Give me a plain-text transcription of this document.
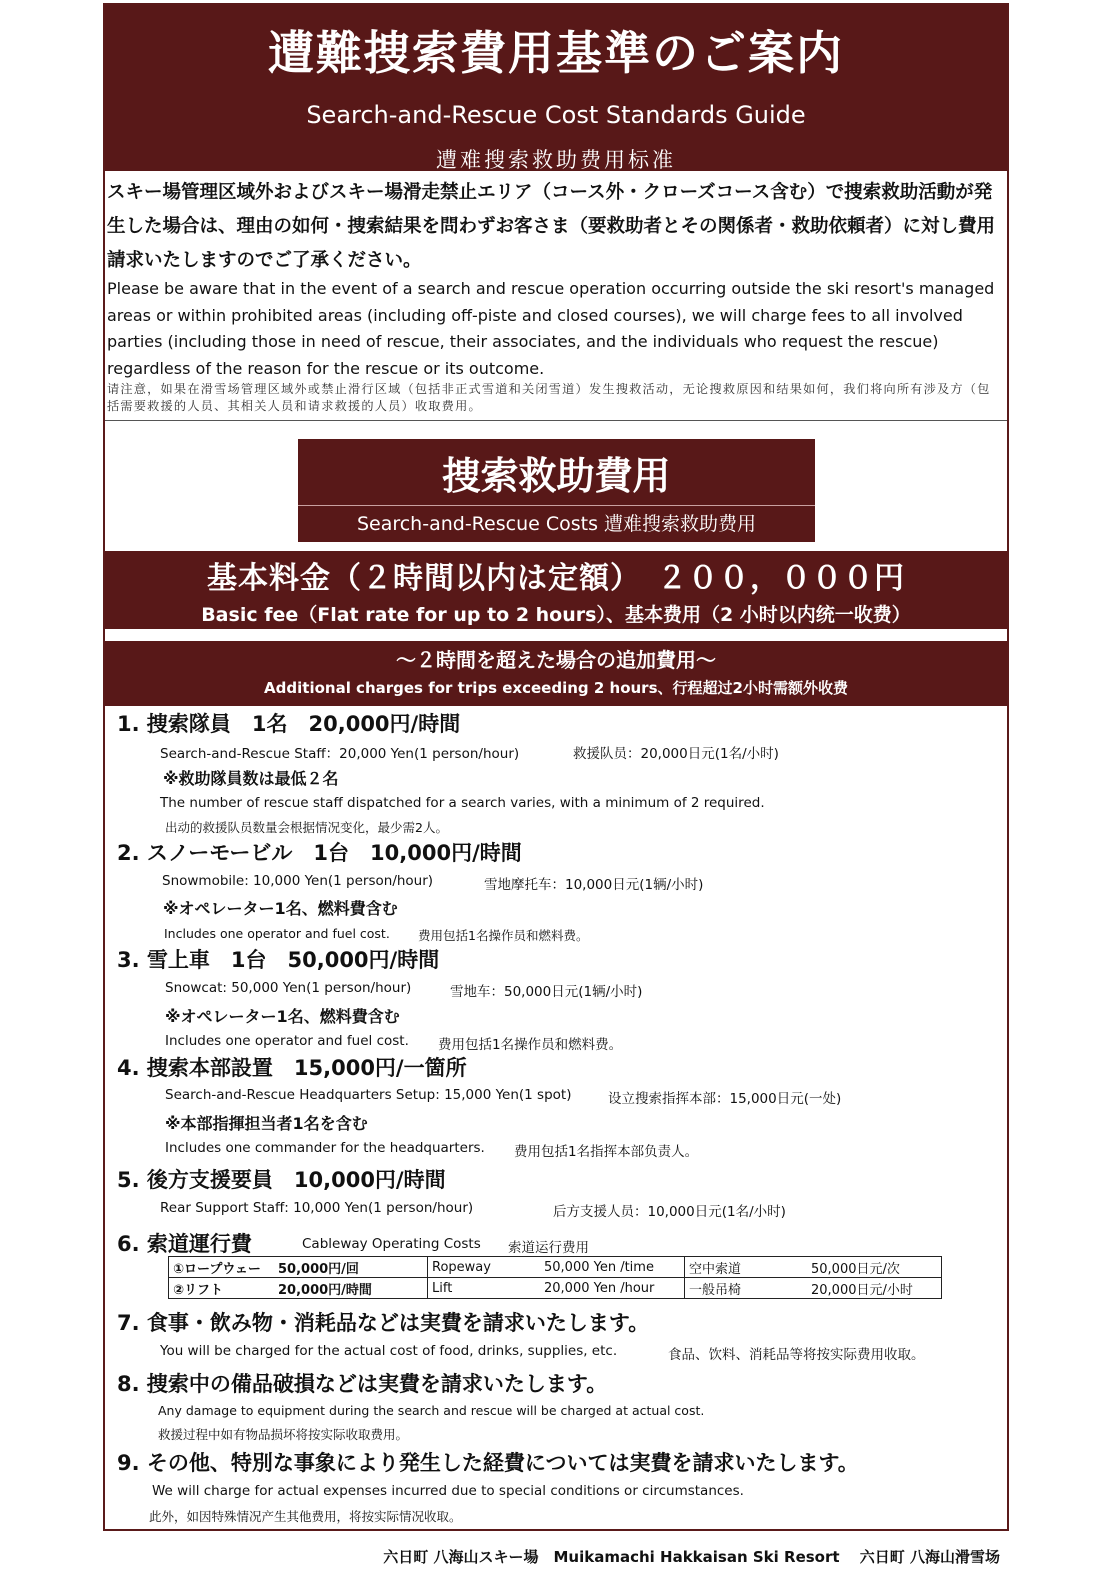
遭難捜索費用基準のご案内
Search-and-Rescue Cost Standards Guide
遭难搜索救助费用标准
スキー場管理区域外およびスキー場滑走禁止エリア（コース外・クローズコース含む）で捜索救助活動が発生した場合は、理由の如何・捜索結果を問わずお客さま（要救助者とその関係者・救助依頼者）に対し費用請求いたしますのでご了承ください。
Please be aware that in the event of a search and rescue operation occurring outside the ski resort's managed areas or within prohibited areas (including off-piste and closed courses), we will charge fees to all involved parties (including those in need of rescue, their associates, and the individuals who request the rescue) regardless of the reason for the rescue or its outcome.
请注意，如果在滑雪场管理区域外或禁止滑行区域（包括非正式雪道和关闭雪道）发生搜救活动，无论搜救原因和结果如何，我们将向所有涉及方（包括需要救援的人员、其相关人员和请求救援的人员）收取费用。
捜索救助費用
Search-and-Rescue Costs 遭难搜索救助费用
基本料金（２時間以内は定額）　２００，０００円
Basic fee（Flat rate for up to 2 hours）、基本费用（2 小时以内统一收费）
～２時間を超えた場合の追加費用～
Additional charges for trips exceeding 2 hours、行程超过2小时需额外收费
1. 捜索隊員　1名　20,000円/時間
Search-and-Rescue Staff：20,000 Yen(1 person/hour)	救援队员：20,000日元(1名/小时)
※救助隊員数は最低２名
The number of rescue staff dispatched for a search varies, with a minimum of 2 required.
出动的救援队员数量会根据情况变化，最少需2人。
2. スノーモービル　1台　10,000円/時間
Snowmobile: 10,000 Yen(1 person/hour)	雪地摩托车：10,000日元(1辆/小时)
※オペレーター1名、燃料費含む
Includes one operator and fuel cost. 费用包括1名操作员和燃料费。
3. 雪上車　1台　50,000円/時間
Snowcat: 50,000 Yen(1 person/hour)	雪地车：50,000日元(1辆/小时)
※オペレーター1名、燃料費含む
Includes one operator and fuel cost. 费用包括1名操作员和燃料费。
4. 捜索本部設置　15,000円/一箇所
Search-and-Rescue Headquarters Setup: 15,000 Yen(1 spot)	设立搜索指挥本部：15,000日元(一处)
※本部指揮担当者1名を含む
Includes one commander for the headquarters. 费用包括1名指挥本部负责人。
5. 後方支援要員　10,000円/時間
Rear Support Staff: 10,000 Yen(1 person/hour)	后方支援人员：10,000日元(1名/小时)
6. 索道運行費	Cableway Operating Costs 索道运行费用
①ロープウェー 50,000円/回	Ropeway 50,000 Yen /time	空中索道 50,000日元/次
②リフト 20,000円/時間	Lift 20,000 Yen /hour	一般吊椅 20,000日元/小时
7. 食事・飲み物・消耗品などは実費を請求いたします。
You will be charged for the actual cost of food, drinks, supplies, etc.	食品、饮料、消耗品等将按实际费用收取。
8. 捜索中の備品破損などは実費を請求いたします。
Any damage to equipment during the search and rescue will be charged at actual cost.
救援过程中如有物品损坏将按实际收取费用。
9. その他、特別な事象により発生した経費については実費を請求いたします。
We will charge for actual expenses incurred due to special conditions or circumstances.
此外，如因特殊情况产生其他费用，将按实际情况收取。
六日町 八海山スキー場　Muikamachi Hakkaisan Ski Resort　 六日町 八海山滑雪场
